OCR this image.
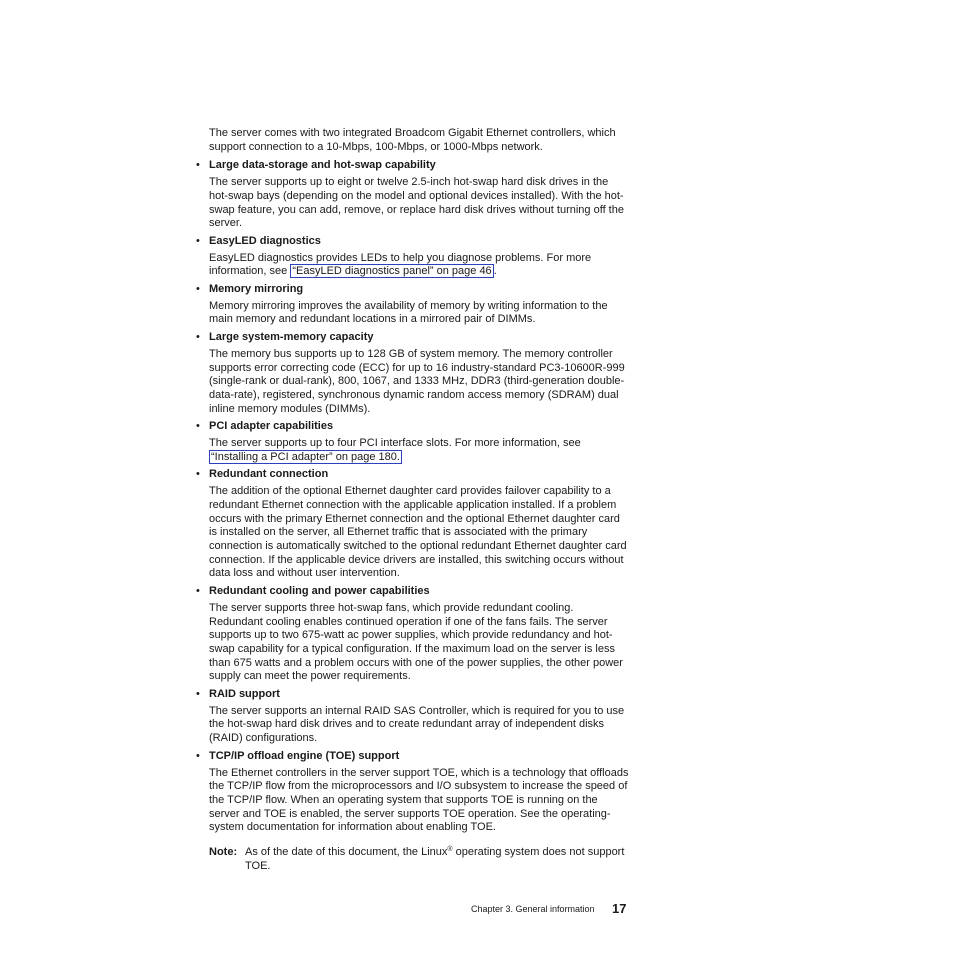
The server comes with two integrated Broadcom Gigabit Ethernet controllers, which support connection to a 10-Mbps, 100-Mbps, or 1000-Mbps network.

• Large data-storage and hot-swap capability

The server supports up to eight or twelve 2.5-inch hot-swap hard disk drives in the hot-swap bays (depending on the model and optional devices installed). With the hot-swap feature, you can add, remove, or replace hard disk drives without turning off the server.

• EasyLED diagnostics

EasyLED diagnostics provides LEDs to help you diagnose problems. For more information, see “EasyLED diagnostics panel” on page 46 .

• Memory mirroring

Memory mirroring improves the availability of memory by writing information to the main memory and redundant locations in a mirrored pair of DIMMs.

• Large system-memory capacity

The memory bus supports up to 128 GB of system memory. The memory controller supports error correcting code (ECC) for up to 16 industry-standard PC3-10600R-999 (single-rank or dual-rank), 800, 1067, and 1333 MHz, DDR3 (third-generation double-data-rate), registered, synchronous dynamic random access memory (SDRAM) dual inline memory modules (DIMMs).

• PCI adapter capabilities

The server supports up to four PCI interface slots. For more information, see “Installing a PCI adapter” on page 180.

• Redundant connection

The addition of the optional Ethernet daughter card provides failover capability to a redundant Ethernet connection with the applicable application installed. If a problem occurs with the primary Ethernet connection and the optional Ethernet daughter card is installed on the server, all Ethernet traffic that is associated with the primary connection is automatically switched to the optional redundant Ethernet daughter card connection. If the applicable device drivers are installed, this switching occurs without data loss and without user intervention.

• Redundant cooling and power capabilities

The server supports three hot-swap fans, which provide redundant cooling. Redundant cooling enables continued operation if one of the fans fails. The server supports up to two 675-watt ac power supplies, which provide redundancy and hot-swap capability for a typical configuration. If the maximum load on the server is less than 675 watts and a problem occurs with one of the power supplies, the other power supply can meet the power requirements.

• RAID support

The server supports an internal RAID SAS Controller, which is required for you to use the hot-swap hard disk drives and to create redundant array of independent disks (RAID) configurations.

• TCP/IP offload engine (TOE) support

The Ethernet controllers in the server support TOE, which is a technology that offloads the TCP/IP flow from the microprocessors and I/O subsystem to increase the speed of the TCP/IP flow. When an operating system that supports TOE is running on the server and TOE is enabled, the server supports TOE operation. See the operating-system documentation for information about enabling TOE.

Note: As of the date of this document, the Linux® operating system does not support TOE.
Chapter 3. General information 17
